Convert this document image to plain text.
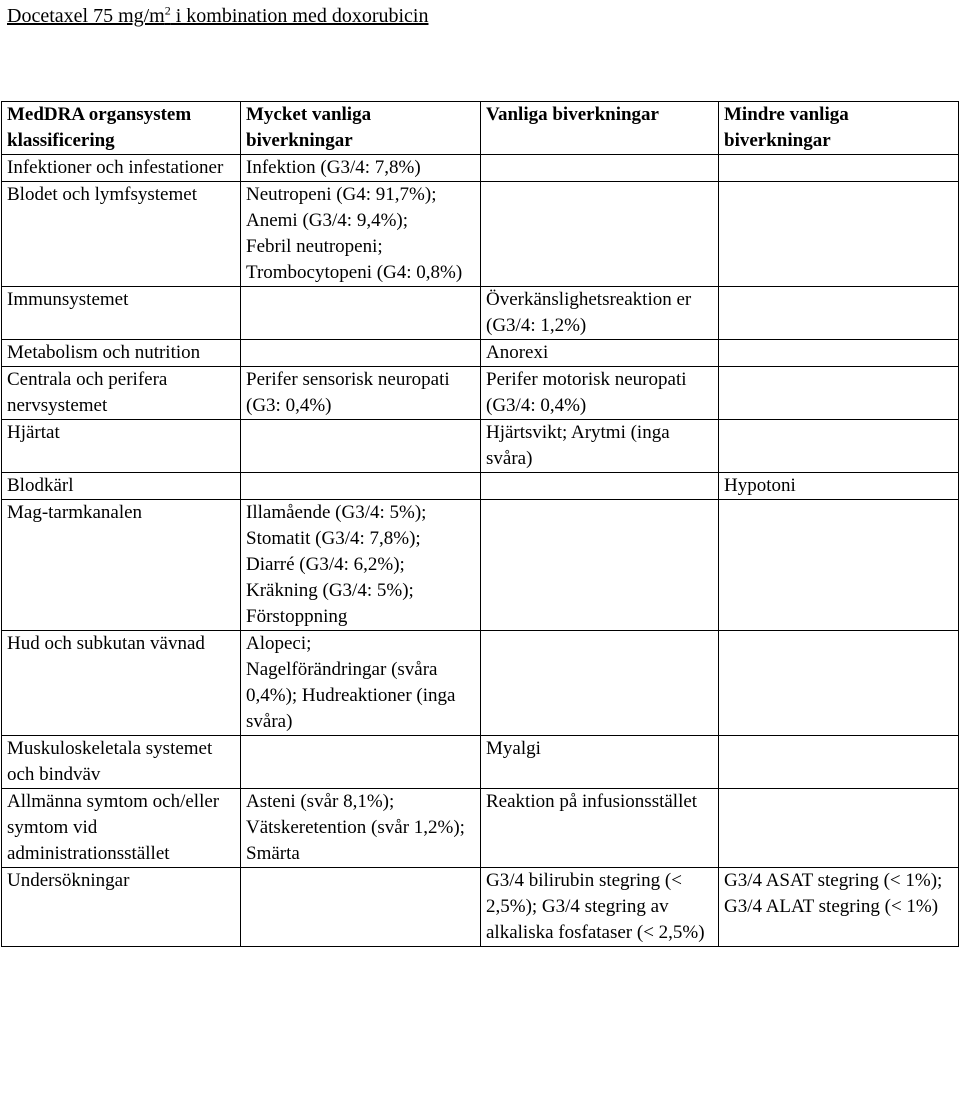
Docetaxel 75 $mg/m^2$ i kombination med doxorubicin
MedDRA organsystem klassificering	Mycket vanliga biverkningar	Vanliga biverkningar	Mindre vanliga biverkningar
Infektioner och infestationer	Infektion (G3/4: 7,8%)		

Blodet och lymfsystemet	Neutropeni (G4: 91,7%);
Anemi (G3/4: 9,4%);
Febril neutropeni;
Trombocytopeni (G4: 0,8%)		

Immunsystemet		Överkänslighetsreaktion er (G3/4: 1,2%)	

Metabolism och nutrition		Anorexi	

Centrala och perifera nervsystemet	Perifer sensorisk neuropati (G3: 0,4%)	Perifer motorisk neuropati (G3/4: 0,4%)	

Hjärtat		Hjärtsvikt; Arytmi (inga svåra)	

Blodkärl			Hypotoni

Mag-tarmkanalen	Illamående (G3/4: 5%);
Stomatit (G3/4: 7,8%);
Diarré (G3/4: 6,2%);
Kräkning (G3/4: 5%);
Förstoppning		

Hud och subkutan vävnad	Alopeci;
Nagelförändringar (svåra 0,4%); Hudreaktioner (inga svåra)		

Muskuloskeletala systemet och bindväv		Myalgi	

Allmänna symtom och/eller symtom vid administrationsstället	Asteni (svår 8,1%);
Vätskeretention (svår 1,2%); Smärta	Reaktion på infusionsstället	

Undersökningar		G3/4 bilirubin stegring (< 2,5%); G3/4 stegring av alkaliska fosfataser (< 2,5%)	G3/4 ASAT stegring (< 1%);
G3/4 ALAT stegring (< 1%)
